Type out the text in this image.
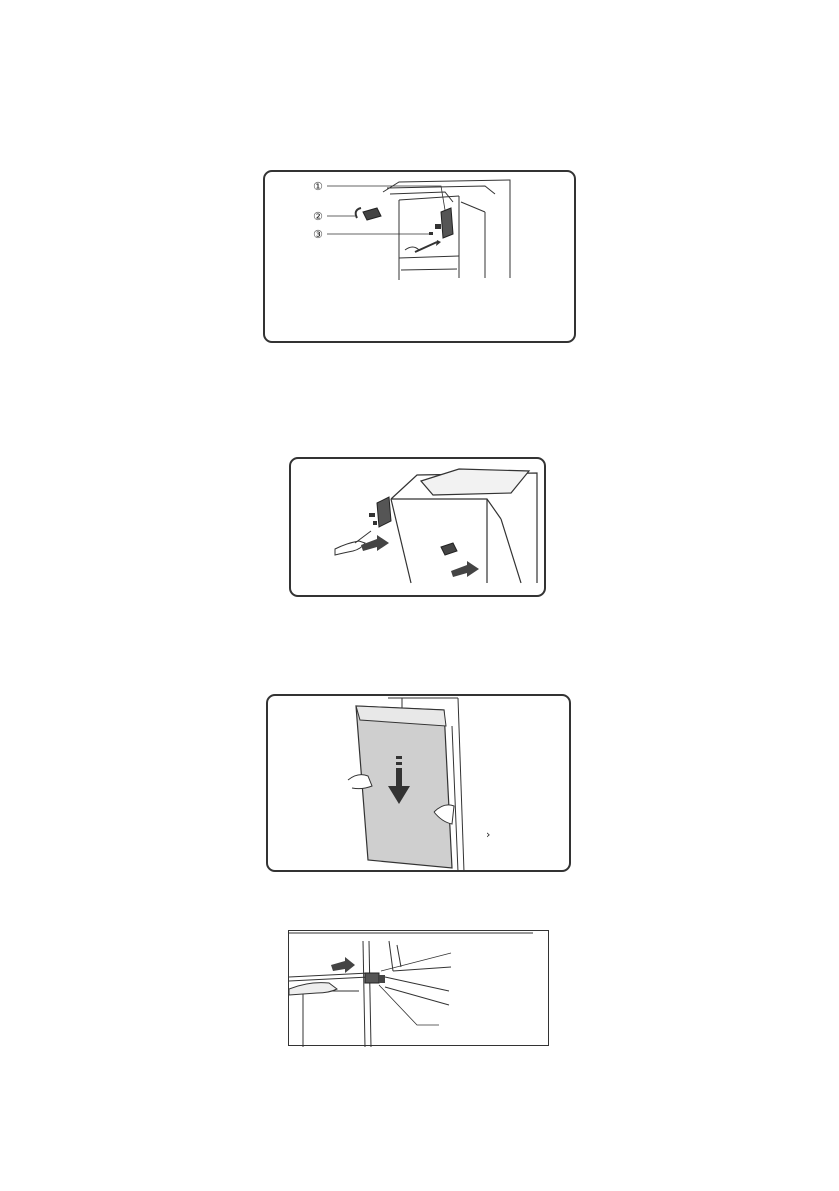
①
②
③
›
